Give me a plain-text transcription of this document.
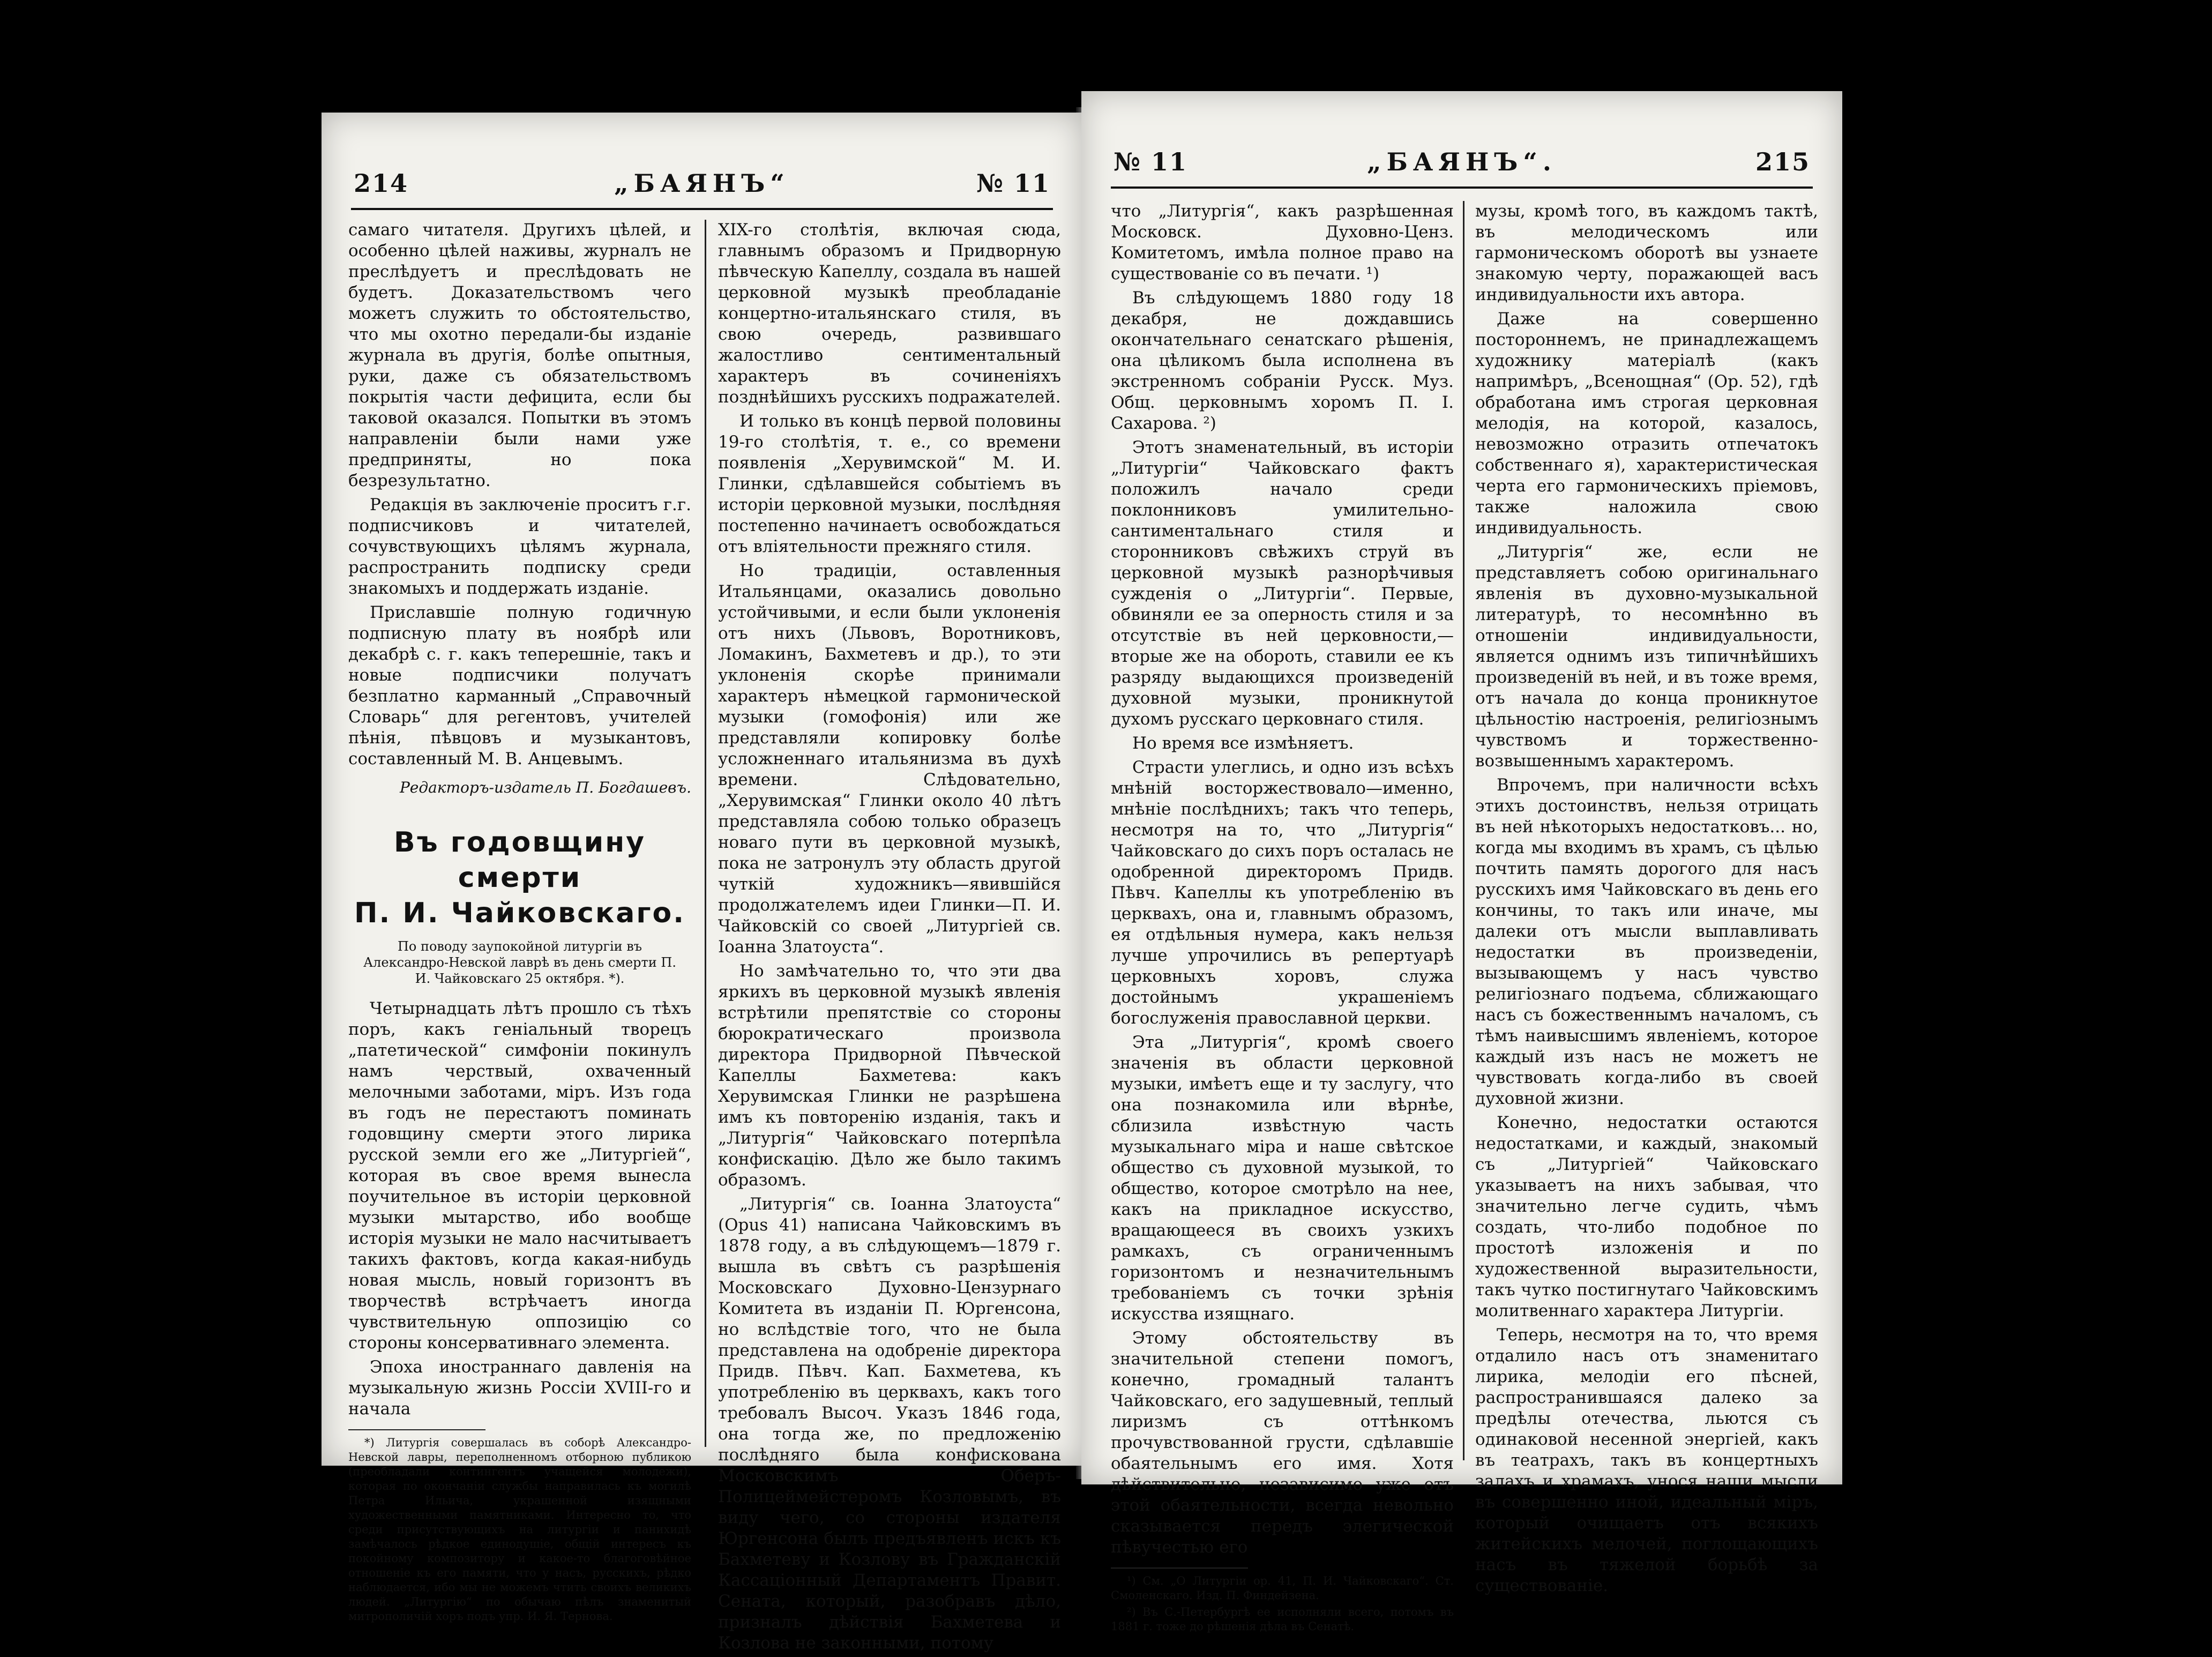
214	„БАЯНЪ“	№ 11

самаго читателя. Другихъ цѣлей, и особенно цѣлей наживы, журналъ не преслѣдуетъ и преслѣдовать не будетъ. Доказательствомъ чего можетъ служить то обстоятельство, что мы охотно передали-бы изданіе журнала въ другія, болѣе опытныя, руки, даже съ обязательствомъ покрытія части дефицита, если бы таковой оказался. Попытки въ этомъ направленіи были нами уже предприняты, но пока безрезультатно.

Редакція въ заключеніе проситъ г.г. подписчиковъ и читателей, сочувствующихъ цѣлямъ журнала, распространить подписку среди знакомыхъ и поддержать изданіе.

Приславшіе полную годичную подписную плату въ ноябрѣ или декабрѣ с. г. какъ теперешніе, такъ и новые подписчики получатъ безплатно карманный „Справочный Словарь“ для регентовъ, учителей пѣнія, пѣвцовъ и музыкантовъ, составленный М. В. Анцевымъ.

Редакторъ-издатель П. Богдашевъ.
Въ годовщину смерти
П. И. Чайковскаго.
По поводу заупокойной литургіи въ Александро-Невской лаврѣ въ день смерти П. И. Чайковскаго 25 октября. *).

Четырнадцать лѣтъ прошло съ тѣхъ поръ, какъ геніальный творецъ „патетической“ симфоніи покинулъ намъ черствый, охваченный мелочными заботами, міръ. Изъ года въ годъ не перестаютъ поминать годовщину смерти этого лирика русской земли его же „Литургіей“, которая въ свое время вынесла поучительное въ исторіи церковной музыки мытарство, ибо вообще исторія музыки не мало насчитываетъ такихъ фактовъ, когда какая-нибудь новая мысль, новый горизонтъ въ творчествѣ встрѣчаетъ иногда чувствительную оппозицію со стороны консервативнаго элемента.

Эпоха иностраннаго давленія на музыкальную жизнь Россіи XVIII-го и начала

*) Литургія совершалась въ соборѣ Александро-Невской лавры, переполненномъ отборною публикою (преобладали контингентъ учащейся молодежи), которая по окончаніи службы направилась къ могилѣ Петра Ильича, украшенной изящными художественными памятниками. Интересно то, что среди присутствующихъ на литургіи и панихидѣ замѣчалось рѣдкое единодушіе, общій интересъ къ покойному композитору и какое-то благоговѣйное отношеніе къ его памяти, что у насъ, русскихъ, рѣдко наблюдается, ибо мы не можемъ чтить своихъ великихъ людей. „Литургію“ по обычаю пѣлъ знаменитый митрополичій хоръ подъ упр. И. Я. Тернова.

XIX-го столѣтія, включая сюда, главнымъ образомъ и Придворную пѣвческую Капеллу, создала въ нашей церковной музыкѣ преобладаніе концертно-итальянскаго стиля, въ свою очередь, развившаго жалостливо сентиментальный характеръ въ сочиненіяхъ позднѣйшихъ русскихъ подражателей.

И только въ концѣ первой половины 19-го столѣтія, т. е., со времени появленія „Херувимской“ М. И. Глинки, сдѣлавшейся событіемъ въ исторіи церковной музыки, послѣдняя постепенно начинаетъ освобождаться отъ вліятельности прежняго стиля.

Но традиціи, оставленныя Итальянцами, оказались довольно устойчивыми, и если были уклоненія отъ нихъ (Львовъ, Воротниковъ, Ломакинъ, Бахметевъ и др.), то эти уклоненія скорѣе принимали характеръ нѣмецкой гармонической музыки (гомофонія) или же представляли копировку болѣе усложненнаго итальянизма въ духѣ времени. Слѣдовательно, „Херувимская“ Глинки около 40 лѣтъ представляла собою только образецъ новаго пути въ церковной музыкѣ, пока не затронулъ эту область другой чуткій художникъ—явившійся продолжателемъ идеи Глинки—П. И. Чайковскій со своей „Литургіей св. Іоанна Златоуста“.

Но замѣчательно то, что эти два яркихъ въ церковной музыкѣ явленія встрѣтили препятствіе со стороны бюрократическаго произвола директора Придворной Пѣвческой Капеллы Бахметева: какъ Херувимская Глинки не разрѣшена имъ къ повторенію изданія, такъ и „Литургія“ Чайковскаго потерпѣла конфискацію. Дѣло же было такимъ образомъ.

„Литургія“ св. Іоанна Златоуста“ (Opus 41) написана Чайковскимъ въ 1878 году, а въ слѣдующемъ—1879 г. вышла въ свѣтъ съ разрѣшенія Московскаго Духовно-Цензурнаго Комитета въ изданіи П. Юргенсона, но вслѣдствіе того, что не была представлена на одобреніе директора Придв. Пѣвч. Кап. Бахметева, къ употребленію въ церквахъ, какъ того требовалъ Высоч. Указъ 1846 года, она тогда же, по предложенію послѣдняго была конфискована Московскимъ Оберъ-Полицеймейстеромъ Козловымъ, въ виду чего, со стороны издателя Юргенсона былъ предъявленъ искъ къ Бахметеву и Козлову въ Гражданскій Кассаціонный Департаментъ Правит. Сената, который, разобравъ дѣло, призналъ дѣйствія Бахметева и Козлова не законными, потому

№ 11	„БАЯНЪ“.	215

что „Литургія“, какъ разрѣшенная Московск. Духовно-Ценз. Комитетомъ, имѣла полное право на существованіе со въ печати. ¹)

Въ слѣдующемъ 1880 году 18 декабря, не дождавшись окончательнаго сенатскаго рѣшенія, она цѣликомъ была исполнена въ экстренномъ собраніи Русск. Муз. Общ. церковнымъ хоромъ П. І. Сахарова. ²)

Этотъ знаменательный, въ исторіи „Литургіи“ Чайковскаго фактъ положилъ начало среди поклонниковъ умилительно-сантиментальнаго стиля и сторонниковъ свѣжихъ струй въ церковной музыкѣ разнорѣчивыя сужденія о „Литургіи“. Первые, обвиняли ее за оперность стиля и за отсутствіе въ ней церковности,—вторые же на обороть, ставили ее къ разряду выдающихся произведеній духовной музыки, проникнутой духомъ русскаго церковнаго стиля.

Но время все измѣняетъ.

Страсти улеглись, и одно изъ всѣхъ мнѣній восторжествовало—именно, мнѣніе послѣднихъ; такъ что теперь, несмотря на то, что „Литургія“ Чайковскаго до сихъ поръ осталась не одобренной директоромъ Придв. Пѣвч. Капеллы къ употребленію въ церквахъ, она и, главнымъ образомъ, ея отдѣльныя нумера, какъ нельзя лучше упрочились въ репертуарѣ церковныхъ хоровъ, служа достойнымъ украшеніемъ богослуженія православной церкви.

Эта „Литургія“, кромѣ своего значенія въ области церковной музыки, имѣетъ еще и ту заслугу, что она познакомила или вѣрнѣе, сблизила извѣстную часть музыкальнаго міра и наше свѣтское общество съ духовной музыкой, то общество, которое смотрѣло на нее, какъ на прикладное искусство, вращающееся въ своихъ узкихъ рамкахъ, съ ограниченнымъ горизонтомъ и незначительнымъ требованіемъ съ точки зрѣнія искусства изящнаго.

Этому обстоятельству въ значительной степени помогъ, конечно, громадный талантъ Чайковскаго, его задушевный, теплый лиризмъ съ оттѣнкомъ прочувствованной грусти, сдѣлавшіе обаятельнымъ его имя. Хотя дѣйствительно, независимо уже отъ этой обаятельности, всегда невольно сказывается передъ элегической пѣвучестью его

¹) См. „О Литургіи ор. 41, П. И. Чайковскаго“. Ст. Смоленскаго. Изд. П. Финдейзена.

²) Въ С.-Петербургѣ ее исполняли всего, потомъ въ 1881 г. тоже до рѣшенія дѣла въ Сенатѣ.

музы, кромѣ того, въ каждомъ тактѣ, въ мелодическомъ или гармоническомъ оборотѣ вы узнаете знакомую черту, поражающей васъ индивидуальности ихъ автора.

Даже на совершенно постороннемъ, не принадлежащемъ художнику матеріалѣ (какъ напримѣръ, „Всенощная“ (Ор. 52), гдѣ обработана имъ строгая церковная мелодія, на которой, казалось, невозможно отразить отпечатокъ собственнаго я), характеристическая черта его гармоническихъ пріемовъ, также наложила свою индивидуальность.

„Литургія“ же, если не представляетъ собою оригинальнаго явленія въ духовно-музыкальной литературѣ, то несомнѣнно въ отношеніи индивидуальности, является однимъ изъ типичнѣйшихъ произведеній въ ней, и въ тоже время, отъ начала до конца проникнутое цѣльностію настроенія, религіознымъ чувствомъ и торжественно-возвышеннымъ характеромъ.

Впрочемъ, при наличности всѣхъ этихъ достоинствъ, нельзя отрицать въ ней нѣкоторыхъ недостатковъ... но, когда мы входимъ въ храмъ, съ цѣлью почтить память дорогого для насъ русскихъ имя Чайковскаго въ день его кончины, то такъ или иначе, мы далеки отъ мысли выплавливать недостатки въ произведеніи, вызывающемъ у насъ чувство религіознаго подъема, сближающаго насъ съ божественнымъ началомъ, съ тѣмъ наивысшимъ явленіемъ, которое каждый изъ насъ не можетъ не чувствовать когда-либо въ своей духовной жизни.

Конечно, недостатки остаются недостатками, и каждый, знакомый съ „Литургіей“ Чайковскаго указываетъ на нихъ забывая, что значительно легче судить, чѣмъ создать, что-либо подобное по простотѣ изложенія и по художественной выразительности, такъ чутко постигнутаго Чайковскимъ молитвеннаго характера Литургіи.

Теперь, несмотря на то, что время отдалило насъ отъ знаменитаго лирика, мелодіи его пѣсней, распространившаяся далеко за предѣлы отечества, льются съ одинаковой несенной энергіей, какъ въ театрахъ, такъ въ концертныхъ залахъ и храмахъ, унося наши мысли въ совершенно иной, идеальный міръ, который очищаетъ отъ всякихъ житейскихъ мелочей, поглощающихъ насъ въ тяжелой борьбѣ за существованіе.
